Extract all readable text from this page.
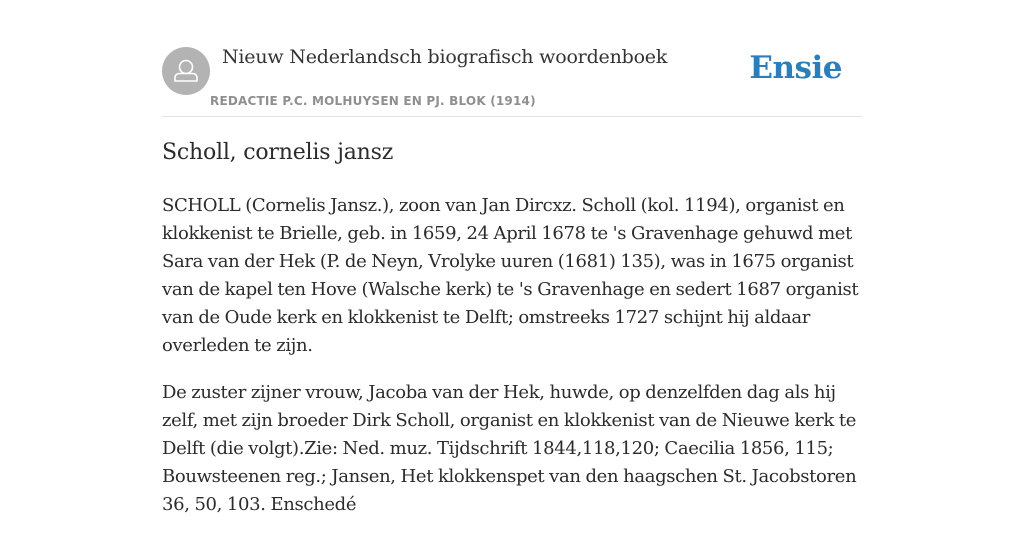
Nieuw Nederlandsch biografisch woordenboek
REDACTIE P.C. MOLHUYSEN EN PJ. BLOK (1914)
Ensie
Scholl, cornelis jansz

SCHOLL (Cornelis Jansz.), zoon van Jan Dircxz. Scholl (kol. 1194), organist en klokkenist te Brielle, geb. in 1659, 24 April 1678 te 's Gravenhage gehuwd met Sara van der Hek (P. de Neyn, Vrolyke uuren (1681) 135), was in 1675 organist van de kapel ten Hove (Walsche kerk) te 's Gravenhage en sedert 1687 organist van de Oude kerk en klokkenist te Delft; omstreeks 1727 schijnt hij aldaar overleden te zijn.

De zuster zijner vrouw, Jacoba van der Hek, huwde, op denzelfden dag als hij zelf, met zijn broeder Dirk Scholl, organist en klokkenist van de Nieuwe kerk te Delft (die volgt).Zie: Ned. muz. Tijdschrift 1844,118,120; Caecilia 1856, 115; Bouwsteenen reg.; Jansen, Het klokkenspet van den haagschen St. Jacobstoren 36, 50, 103. Enschedé
